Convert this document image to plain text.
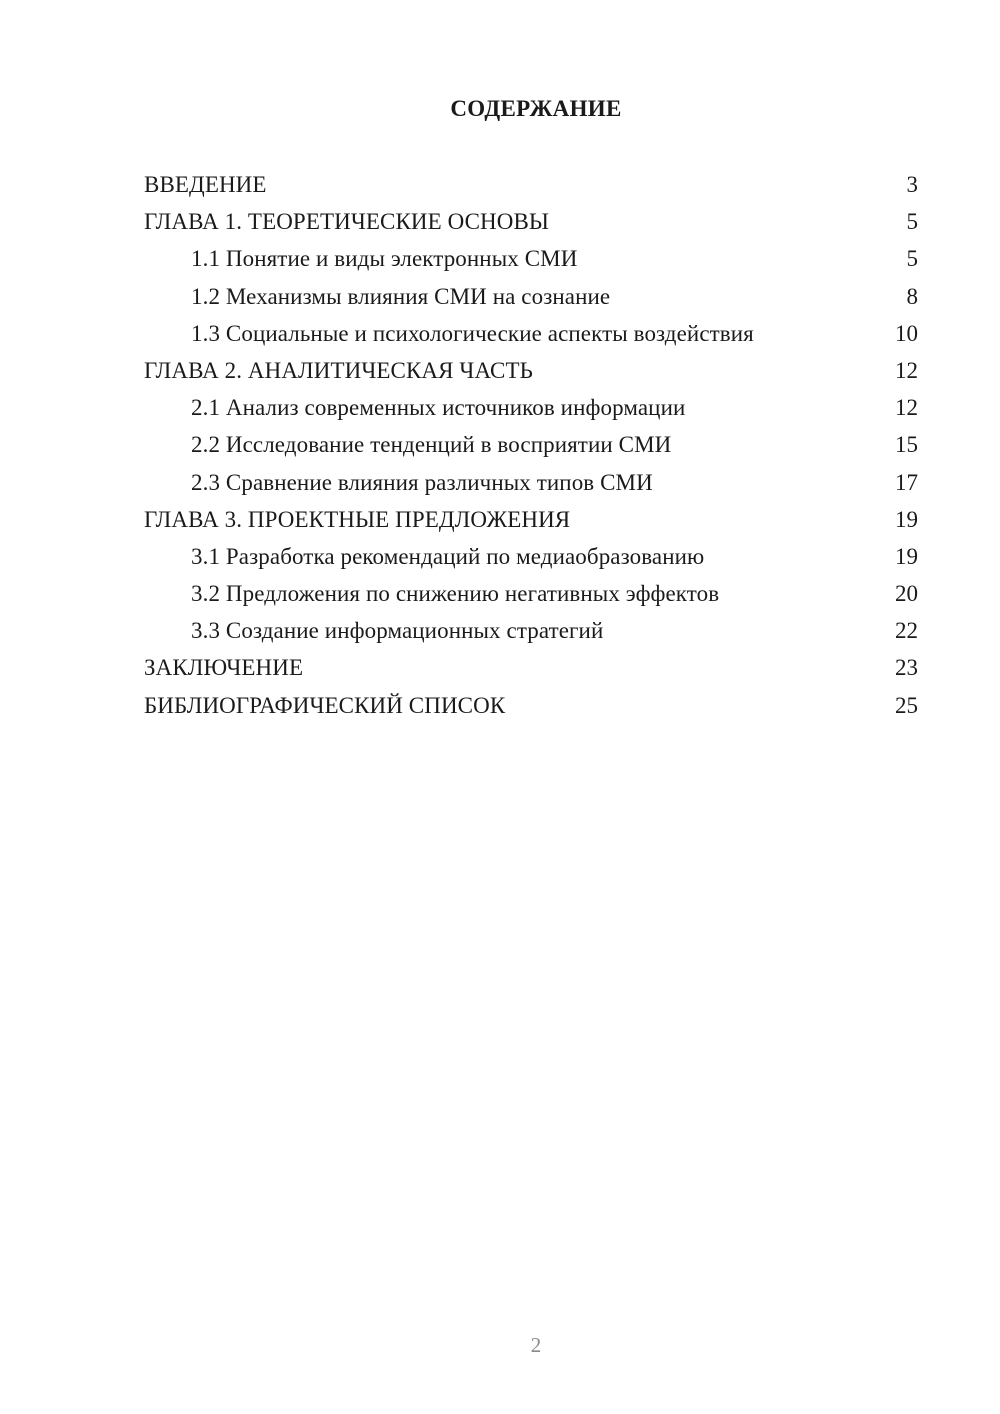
СОДЕРЖАНИЕ
ВВЕДЕНИЕ	3
ГЛАВА 1. ТЕОРЕТИЧЕСКИЕ ОСНОВЫ	5
1.1 Понятие и виды электронных СМИ	5
1.2 Механизмы влияния СМИ на сознание	8
1.3 Социальные и психологические аспекты воздействия	10
ГЛАВА 2. АНАЛИТИЧЕСКАЯ ЧАСТЬ	12
2.1 Анализ современных источников информации	12
2.2 Исследование тенденций в восприятии СМИ	15
2.3 Сравнение влияния различных типов СМИ	17
ГЛАВА 3. ПРОЕКТНЫЕ ПРЕДЛОЖЕНИЯ	19
3.1 Разработка рекомендаций по медиаобразованию	19
3.2 Предложения по снижению негативных эффектов	20
3.3 Создание информационных стратегий	22
ЗАКЛЮЧЕНИЕ	23
БИБЛИОГРАФИЧЕСКИЙ СПИСОК	25
2
